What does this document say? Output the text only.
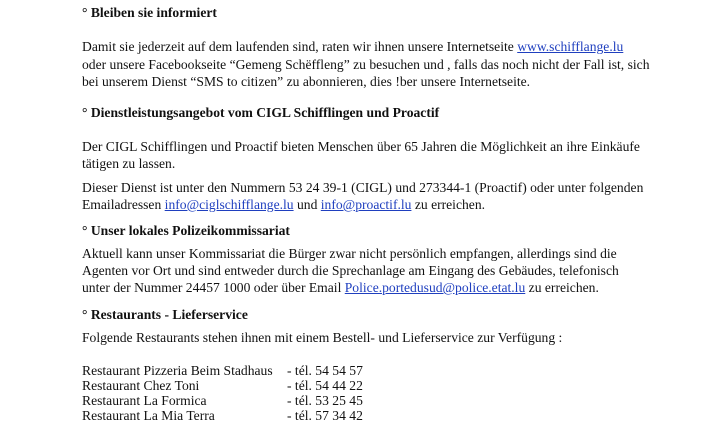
° Bleiben sie informiert
Damit sie jederzeit auf dem laufenden sind, raten wir ihnen unsere Internetseite www.schifflange.lu
oder unsere Facebookseite “Gemeng Schëffleng” zu besuchen und , falls das noch nicht der Fall ist, sich
bei unserem Dienst “SMS to citizen” zu abonnieren, dies !ber unsere Internetseite.
° Dienstleistungsangebot vom CIGL Schifflingen und Proactif
Der CIGL Schifflingen und Proactif bieten Menschen über 65 Jahren die Möglichkeit an ihre Einkäufe
tätigen zu lassen.
Dieser Dienst ist unter den Nummern 53 24 39-1 (CIGL) und 273344-1 (Proactif) oder unter folgenden
Emailadressen info@ciglschifflange.lu und info@proactif.lu zu erreichen.
° Unser lokales Polizeikommissariat
Aktuell kann unser Kommissariat die Bürger zwar nicht persönlich empfangen, allerdings sind die
Agenten vor Ort und sind entweder durch die Sprechanlage am Eingang des Gebäudes, telefonisch
unter der Nummer 24457 1000 oder über Email Police.portedusud@police.etat.lu zu erreichen.
° Restaurants - Lieferservice
Folgende Restaurants stehen ihnen mit einem Bestell- und Lieferservice zur Verfügung :
Restaurant Pizzeria Beim Stadhaus - tél. 54 54 57
Restaurant Chez Toni	- tél. 54 44 22
Restaurant La Formica	- tél. 53 25 45
Restaurant La Mia Terra	- tél. 57 34 42
